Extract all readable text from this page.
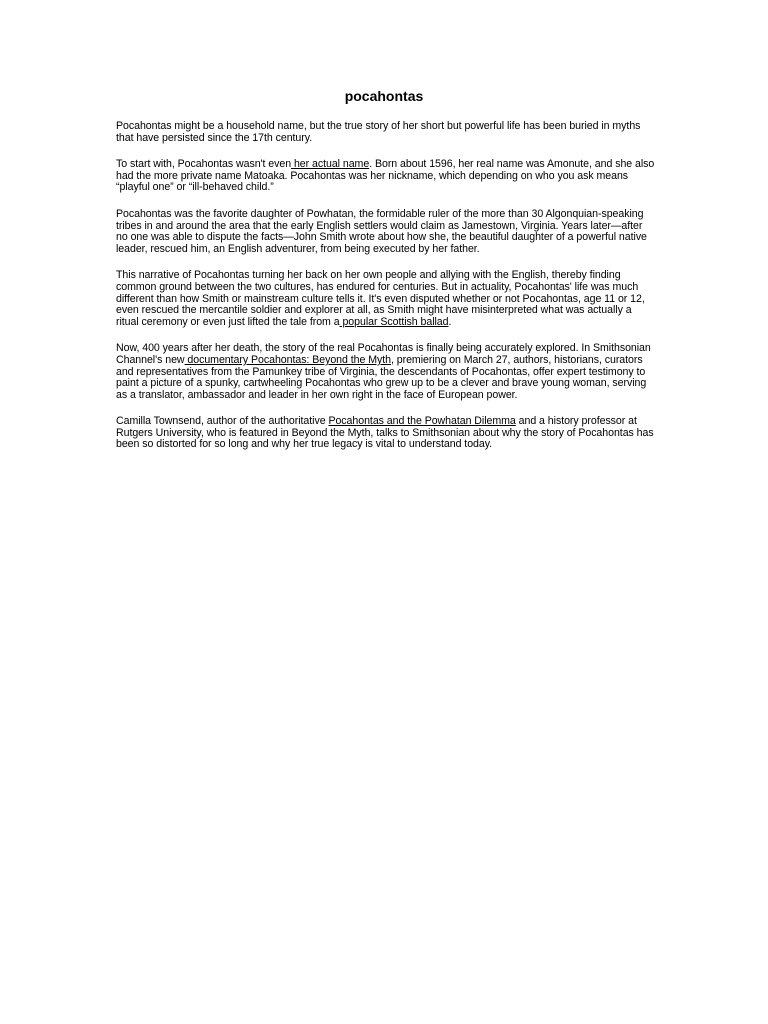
pocahontas

Pocahontas might be a household name, but the true story of her short but powerful life has been buried in myths that have persisted since the 17th century.

To start with, Pocahontas wasn't even her actual name. Born about 1596, her real name was Amonute, and she also had the more private name Matoaka. Pocahontas was her nickname, which depending on who you ask means “playful one” or “ill-behaved child.”

Pocahontas was the favorite daughter of Powhatan, the formidable ruler of the more than 30 Algonquian-speaking tribes in and around the area that the early English settlers would claim as Jamestown, Virginia. Years later—after no one was able to dispute the facts—John Smith wrote about how she, the beautiful daughter of a powerful native leader, rescued him, an English adventurer, from being executed by her father.

This narrative of Pocahontas turning her back on her own people and allying with the English, thereby finding common ground between the two cultures, has endured for centuries. But in actuality, Pocahontas' life was much different than how Smith or mainstream culture tells it. It's even disputed whether or not Pocahontas, age 11 or 12, even rescued the mercantile soldier and explorer at all, as Smith might have misinterpreted what was actually a ritual ceremony or even just lifted the tale from a popular Scottish ballad.

Now, 400 years after her death, the story of the real Pocahontas is finally being accurately explored. In Smithsonian Channel's new documentary Pocahontas: Beyond the Myth, premiering on March 27, authors, historians, curators and representatives from the Pamunkey tribe of Virginia, the descendants of Pocahontas, offer expert testimony to paint a picture of a spunky, cartwheeling Pocahontas who grew up to be a clever and brave young woman, serving as a translator, ambassador and leader in her own right in the face of European power.

Camilla Townsend, author of the authoritative Pocahontas and the Powhatan Dilemma and a history professor at Rutgers University, who is featured in Beyond the Myth, talks to Smithsonian about why the story of Pocahontas has been so distorted for so long and why her true legacy is vital to understand today.
